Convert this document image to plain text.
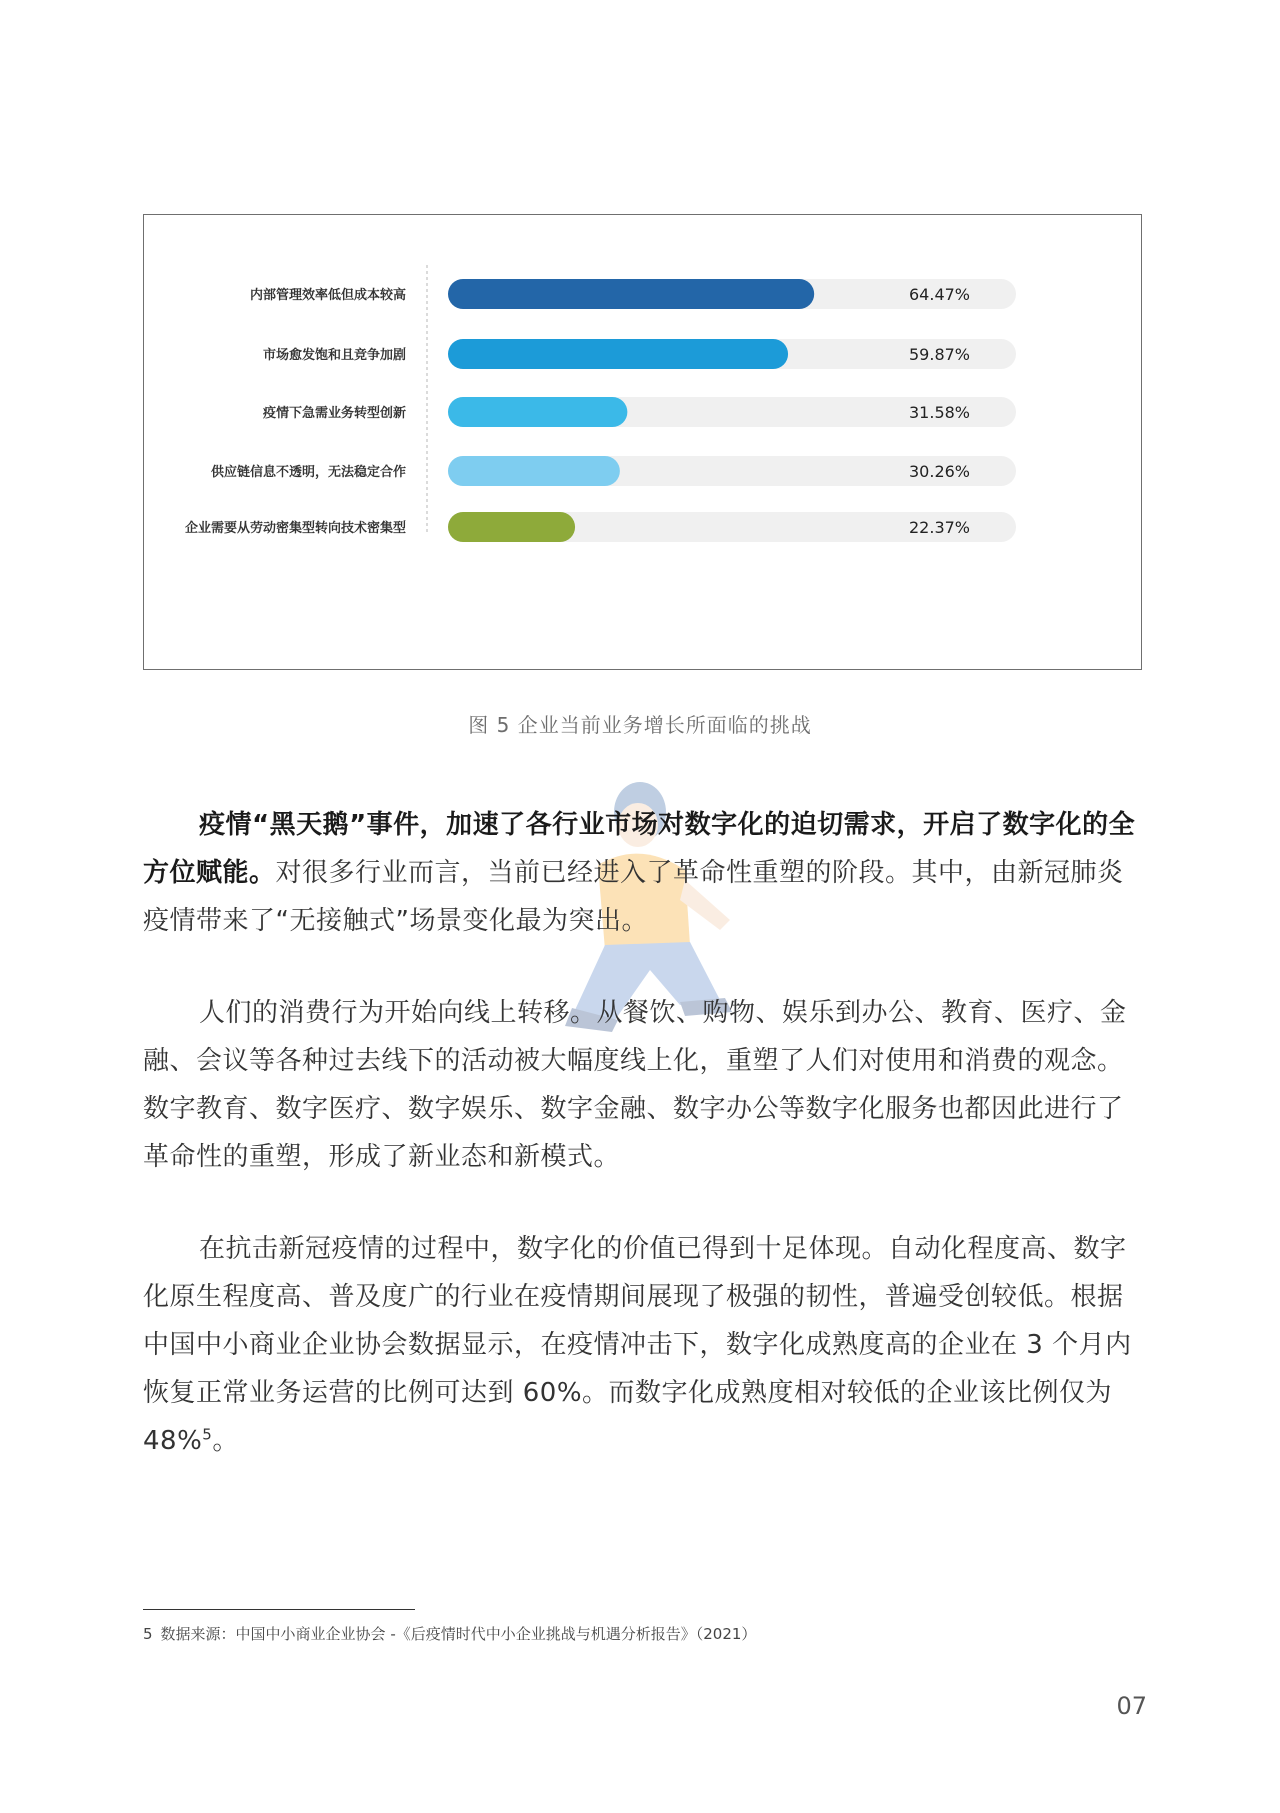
内部管理效率低但成本较高	64.47%
市场愈发饱和且竞争加剧	59.87%
疫情下急需业务转型创新	31.58%
供应链信息不透明，无法稳定合作	30.26%
企业需要从劳动密集型转向技术密集型	22.37%
图 5 企业当前业务增长所面临的挑战

疫情“黑天鹅”事件，加速了各行业市场对数字化的迫切需求，开启了数字化的全方位赋能。对很多行业而言，当前已经进入了革命性重塑的阶段。其中，由新冠肺炎疫情带来了“无接触式”场景变化最为突出。

人们的消费行为开始向线上转移。从餐饮、购物、娱乐到办公、教育、医疗、金融、会议等各种过去线下的活动被大幅度线上化，重塑了人们对使用和消费的观念。数字教育、数字医疗、数字娱乐、数字金融、数字办公等数字化服务也都因此进行了革命性的重塑，形成了新业态和新模式。

在抗击新冠疫情的过程中，数字化的价值已得到十足体现。自动化程度高、数字化原生程度高、普及度广的行业在疫情期间展现了极强的韧性，普遍受创较低。根据中国中小商业企业协会数据显示，在疫情冲击下，数字化成熟度高的企业在 3 个月内恢复正常业务运营的比例可达到 60%。而数字化成熟度相对较低的企业该比例仅为 48%$^5$。

5 数据来源：中国中小商业企业协会 -《后疫情时代中小企业挑战与机遇分析报告》（2021）
07
